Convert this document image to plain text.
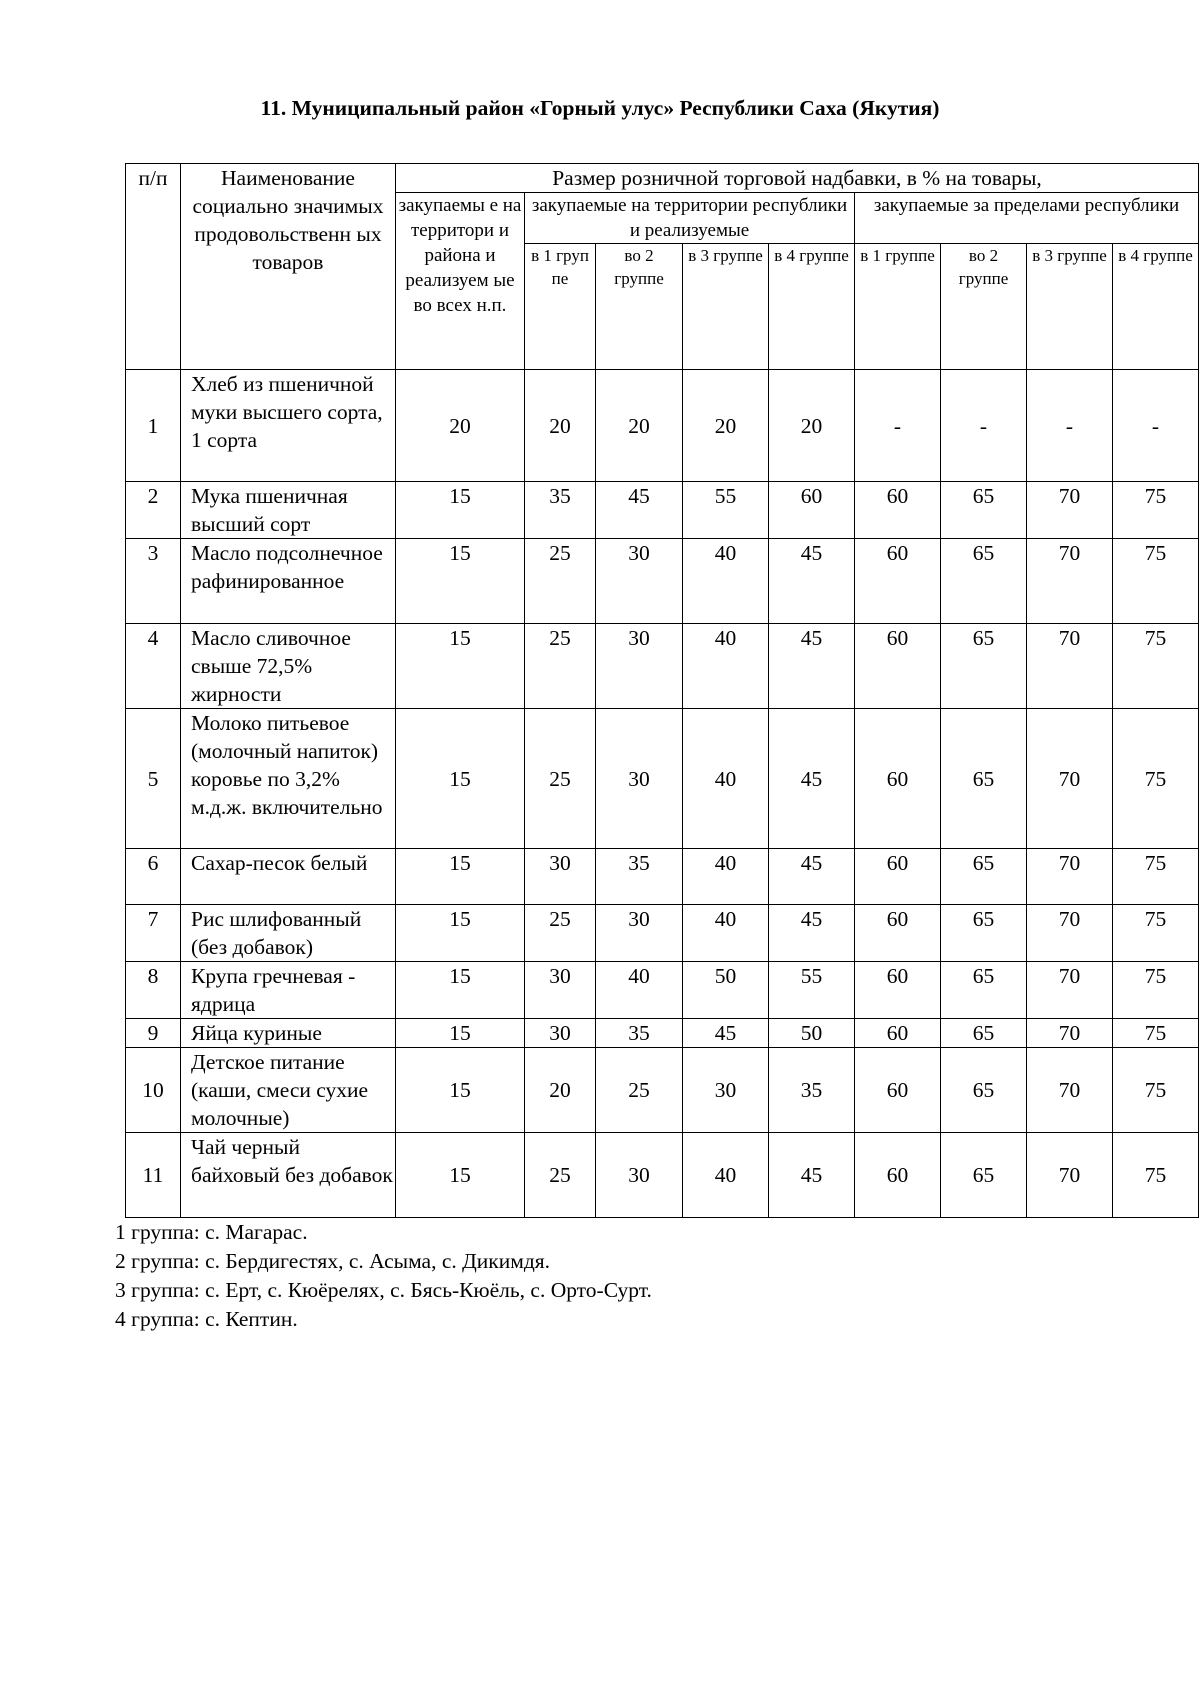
11. Муниципальный район «Горный улус» Республики Саха (Якутия)
п/п	Наименование социально значимых продовольственн ых товаров	Размер розничной торговой надбавки, в % на товары,								
		закупаемы е на территори и района и реализуем ые во всех н.п.	закупаемые на территории республики и реализуемые				закупаемые за пределами республики			
			в 1 груп пе	во 2 группе	в 3 группе	в 4 группе	в 1 группе	во 2 группе	в 3 группе	в 4 группе
1	Хлеб из пшеничной муки высшего сорта, 1 сорта	20	20	20	20	20	-	-	-	-
2	Мука пшеничная высший сорт	15	35	45	55	60	60	65	70	75
3	Масло подсолнечное рафинированное	15	25	30	40	45	60	65	70	75
4	Масло сливочное свыше 72,5% жирности	15	25	30	40	45	60	65	70	75
5	Молоко питьевое (молочный напиток) коровье по 3,2% м.д.ж. включительно	15	25	30	40	45	60	65	70	75
6	Сахар-песок белый	15	30	35	40	45	60	65	70	75
7	Рис шлифованный (без добавок)	15	25	30	40	45	60	65	70	75
8	Крупа гречневая - ядрица	15	30	40	50	55	60	65	70	75
9	Яйца куриные	15	30	35	45	50	60	65	70	75
10	Детское питание (каши, смеси сухие молочные)	15	20	25	30	35	60	65	70	75
11	Чай черный байховый без добавок	15	25	30	40	45	60	65	70	75
1 группа: с. Магарас.
2 группа: с. Бердигестях, с. Асыма, с. Дикимдя.
3 группа: с. Ерт, с. Кюёрелях, с. Бясь-Кюёль, с. Орто-Сурт.
4 группа: с. Кептин.
